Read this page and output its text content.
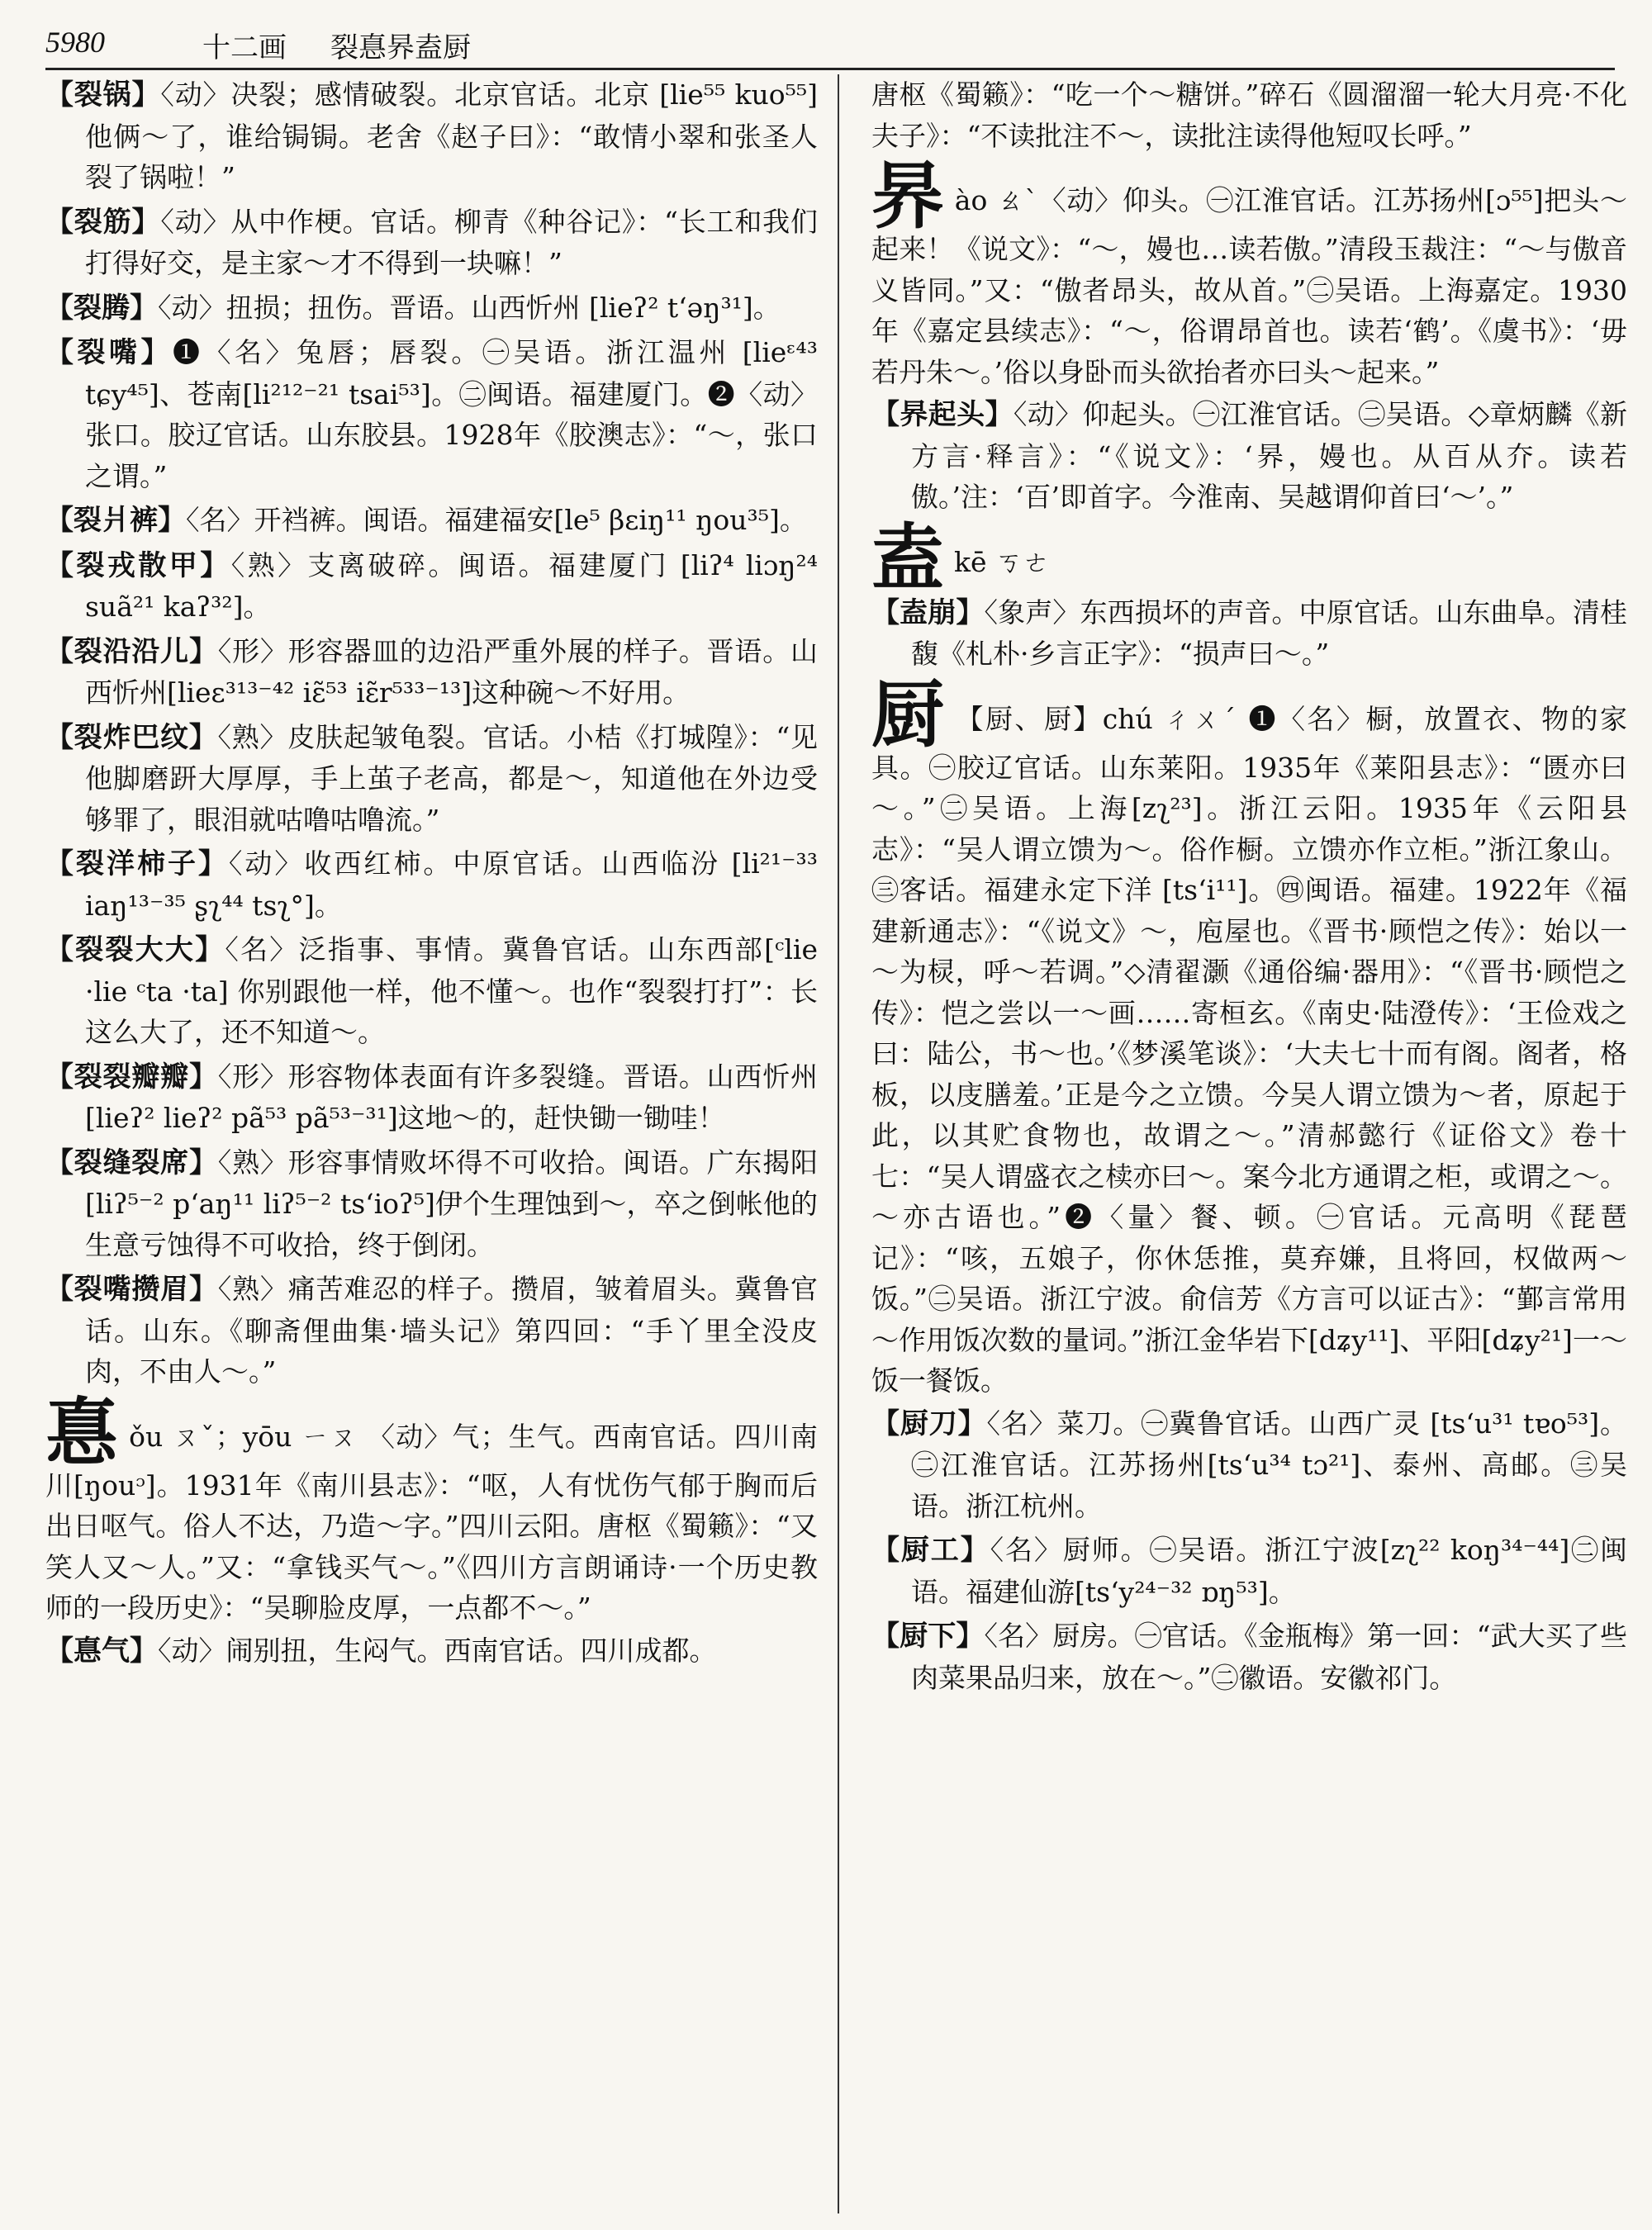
5980	十二画 裂惪昦盍厨

【裂锅】〈动〉决裂；感情破裂。北京官话。北京 [lie⁵⁵ kuo⁵⁵]他俩～了，谁给锔锔。老舍《赵子曰》：“敢情小翠和张圣人裂了锅啦！”

【裂筋】〈动〉从中作梗。官话。柳青《种谷记》：“长工和我们打得好交，是主家～才不得到一块嘛！”

【裂腾】〈动〉扭损；扭伤。晋语。山西忻州 [lieʔ² t‘əŋ³¹]。

【裂嘴】❶〈名〉兔唇；唇裂。㊀吴语。浙江温州 [lieᵋ⁴³ tɕy⁴⁵]、苍南[li²¹²⁻²¹ tsai⁵³]。㊁闽语。福建厦门。❷〈动〉张口。胶辽官话。山东胶县。1928年《胶澳志》：“～，张口之谓。”

【裂爿裤】〈名〉开裆裤。闽语。福建福安[le⁵ βɛiŋ¹¹ ŋou³⁵]。

【裂戎散甲】〈熟〉支离破碎。闽语。福建厦门 [liʔ⁴ liɔŋ²⁴ suã²¹ kaʔ³²]。

【裂沿沿儿】〈形〉形容器皿的边沿严重外展的样子。晋语。山西忻州[lieɛ³¹³⁻⁴² iɛ̃⁵³ iɛ̃r⁵³³⁻¹³]这种碗～不好用。

【裂炸巴纹】〈熟〉皮肤起皱龟裂。官话。小桔《打城隍》：“见他脚磨趼大厚厚，手上茧子老高，都是～，知道他在外边受够罪了，眼泪就咕噜咕噜流。”

【裂洋柿子】〈动〉收西红柿。中原官话。山西临汾 [li²¹⁻³³ iaŋ¹³⁻³⁵ ʂʅ⁴⁴ tsʅ°]。

【裂裂大大】〈名〉泛指事、事情。冀鲁官话。山东西部[ᶜlie ·lie ᶜta ·ta] 你别跟他一样，他不懂～。也作“裂裂打打”：长这么大了，还不知道～。

【裂裂瓣瓣】〈形〉形容物体表面有许多裂缝。晋语。山西忻州[lieʔ² lieʔ² pã⁵³ pã⁵³⁻³¹]这地～的，赶快锄一锄哇！

【裂缝裂席】〈熟〉形容事情败坏得不可收拾。闽语。广东揭阳[liʔ⁵⁻² p‘aŋ¹¹ liʔ⁵⁻² ts‘ioʔ⁵]伊个生理蚀到～，卒之倒帐他的生意亏蚀得不可收拾，终于倒闭。

【裂嘴攒眉】〈熟〉痛苦难忍的样子。攒眉，皱着眉头。冀鲁官话。山东。《聊斋俚曲集·墙头记》第四回：“手丫里全没皮肉，不由人～。”

惪ǒu ㄡˇ；yōu ㄧㄡ 〈动〉气；生气。西南官话。四川南川[ŋouᵓ]。1931年《南川县志》：“呕，人有忧伤气郁于胸而后出日呕气。俗人不达，乃造～字。”四川云阳。唐枢《蜀籁》：“又笑人又～人。”又：“拿钱买气～。”《四川方言朗诵诗·一个历史教师的一段历史》：“吴聊脸皮厚，一点都不～。”

【惪气】〈动〉闹别扭，生闷气。西南官话。四川成都。

唐枢《蜀籁》：“吃一个～糖饼。”碎石《圆溜溜一轮大月亮·不化夫子》：“不读批注不～，读批注读得他短叹长呼。”

昦ào ㄠˋ〈动〉仰头。㊀江淮官话。江苏扬州[ɔ⁵⁵]把头～起来！《说文》：“～，嫚也…读若傲。”清段玉裁注：“～与傲音义皆同。”又：“傲者昂头，故从首。”㊁吴语。上海嘉定。1930年《嘉定县续志》：“～，俗谓昂首也。读若‘鹤’。《虞书》：‘毋若丹朱～。’俗以身卧而头欲抬者亦曰头～起来。”

【昦起头】〈动〉仰起头。㊀江淮官话。㊁吴语。◇章炳麟《新方言·释言》：“《说文》：‘昦，嫚也。从百从夰。读若傲。’注：‘百’即首字。今淮南、吴越谓仰首曰‘～’。”

盍kē ㄎㄜ

【盍崩】〈象声〉东西损坏的声音。中原官话。山东曲阜。清桂馥《札朴·乡言正字》：“损声曰～。”

厨 【厨、厨】chú ㄔㄨˊ ❶〈名〉橱，放置衣、物的家具。㊀胶辽官话。山东莱阳。1935年《莱阳县志》：“匮亦曰～。”㊁吴语。上海[zʅ²³]。浙江云阳。1935年《云阳县志》：“吴人谓立馈为～。俗作橱。立馈亦作立柜。”浙江象山。㊂客话。福建永定下洋 [ts‘i¹¹]。㊃闽语。福建。1922年《福建新通志》：“《说文》～，庖屋也。《晋书·顾恺之传》：始以一～为棂，呼～若调。”◇清翟灏《通俗编·器用》：“《晋书·顾恺之传》：恺之尝以一～画……寄桓玄。《南史·陆澄传》：‘王俭戏之曰：陆公，书～也。’《梦溪笔谈》：‘大夫七十而有阁。阁者，格板，以庋膳羞。’正是今之立馈。今吴人谓立馈为～者，原起于此，以其贮食物也，故谓之～。”清郝懿行《证俗文》卷十七：“吴人谓盛衣之椟亦曰～。案今北方通谓之柜，或谓之～。～亦古语也。”❷〈量〉餐、顿。㊀官话。元高明《琵琶记》：“咳，五娘子，你休恁推，莫弃嫌，且将回，权做两～饭。”㊁吴语。浙江宁波。俞信芳《方言可以证古》：“鄞言常用～作用饭次数的量词。”浙江金华岩下[dʑy¹¹]、平阳[dʑy²¹]一～饭一餐饭。

【厨刀】〈名〉菜刀。㊀冀鲁官话。山西广灵 [ts‘u³¹ tɐo⁵³]。㊁江淮官话。江苏扬州[ts‘u³⁴ tɔ²¹]、泰州、高邮。㊂吴语。浙江杭州。

【厨工】〈名〉厨师。㊀吴语。浙江宁波[zʅ²² koŋ³⁴⁻⁴⁴]㊁闽语。福建仙游[ts‘y²⁴⁻³² ɒŋ⁵³]。

【厨下】〈名〉厨房。㊀官话。《金瓶梅》第一回：“武大买了些肉菜果品归来，放在～。”㊁徽语。安徽祁门。
